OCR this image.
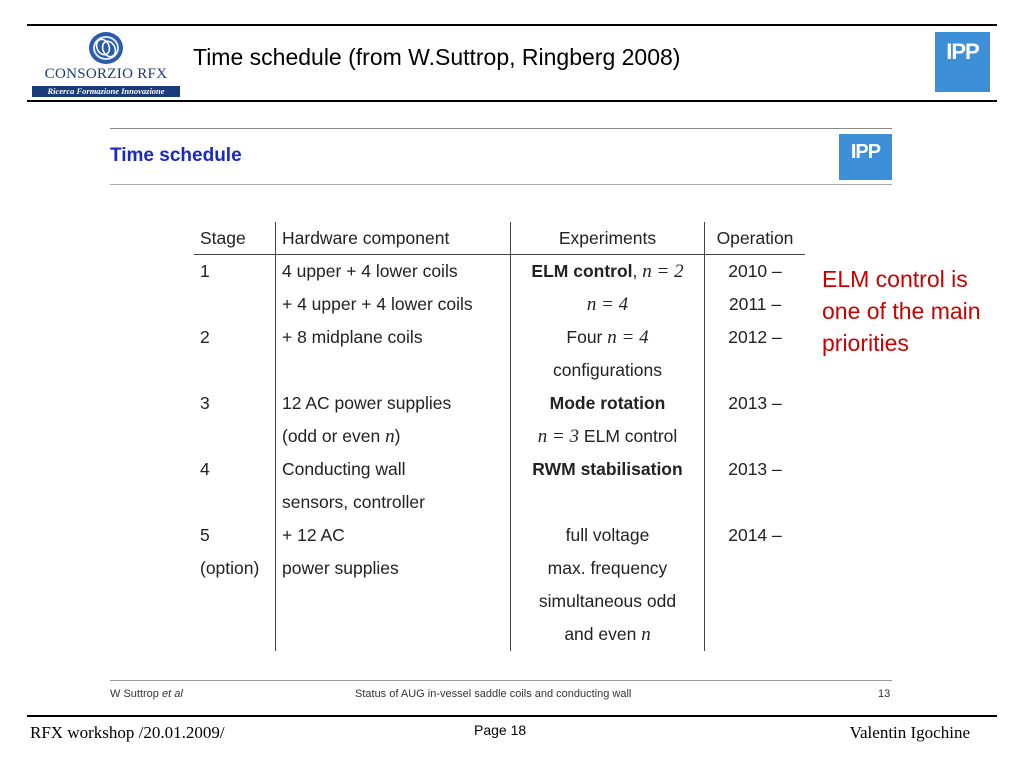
CONSORZIO RFX
Ricerca Formazione Innovazione
Time schedule (from W.Suttrop, Ringberg 2008)	IPP
Time schedule	IPP
Stage	Hardware component	Experiments	Operation
1	4 upper + 4 lower coils	ELM control, n = 2	2010 –
	+ 4 upper + 4 lower coils	n = 4	2011 –
2	+ 8 midplane coils	Four n = 4	2012 –
		configurations	
3	12 AC power supplies	Mode rotation	2013 –
	(odd or even n)	n = 3 ELM control	
4	Conducting wall	RWM stabilisation	2013 –
	sensors, controller		
5	+ 12 AC	full voltage	2014 –
(option)	power supplies	max. frequency	
		simultaneous odd	
		and even n	
W Suttrop et al	Status of AUG in-vessel saddle coils and conducting wall	13
ELM control is one of the main priorities
RFX workshop /20.01.2009/	Page 18	Valentin Igochine
